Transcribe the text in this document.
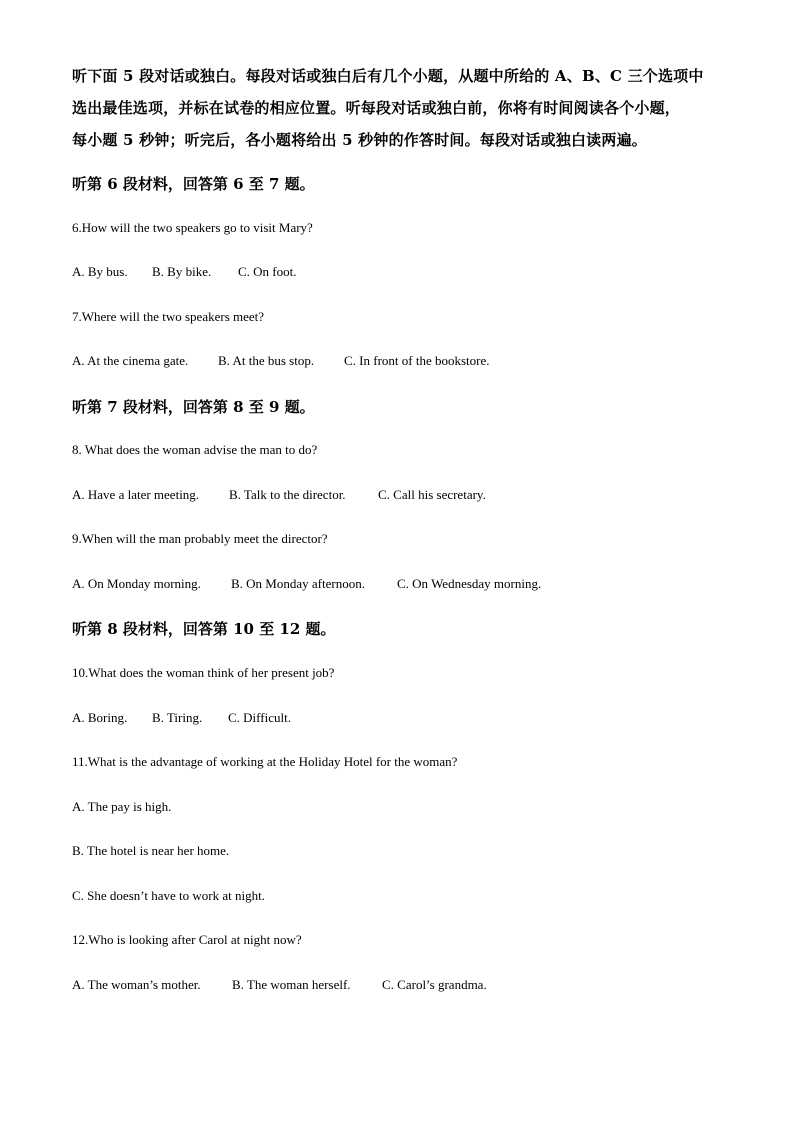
听下面 5 段对话或独白。每段对话或独白后有几个小题，从题中所给的 A、B、C 三个选项中
选出最佳选项，并标在试卷的相应位置。听每段对话或独白前，你将有时间阅读各个小题，
每小题 5 秒钟；听完后，各小题将给出 5 秒钟的作答时间。每段对话或独白读两遍。
听第 6 段材料，回答第 6 至 7 题。
6.How will the two speakers go to visit Mary?
A. By bus. B. By bike. C. On foot.
7.Where will the two speakers meet?
A. At the cinema gate. B. At the bus stop. C. In front of the bookstore.
听第 7 段材料，回答第 8 至 9 题。
8. What does the woman advise the man to do?
A. Have a later meeting. B. Talk to the director. C. Call his secretary.
9.When will the man probably meet the director?
A. On Monday morning. B. On Monday afternoon. C. On Wednesday morning.
听第 8 段材料，回答第 10 至 12 题。
10.What does the woman think of her present job?
A. Boring. B. Tiring. C. Difficult.
11.What is the advantage of working at the Holiday Hotel for the woman?
A. The pay is high.
B. The hotel is near her home.
C. She doesn’t have to work at night.
12.Who is looking after Carol at night now?
A. The woman’s mother. B. The woman herself. C. Carol’s grandma.
